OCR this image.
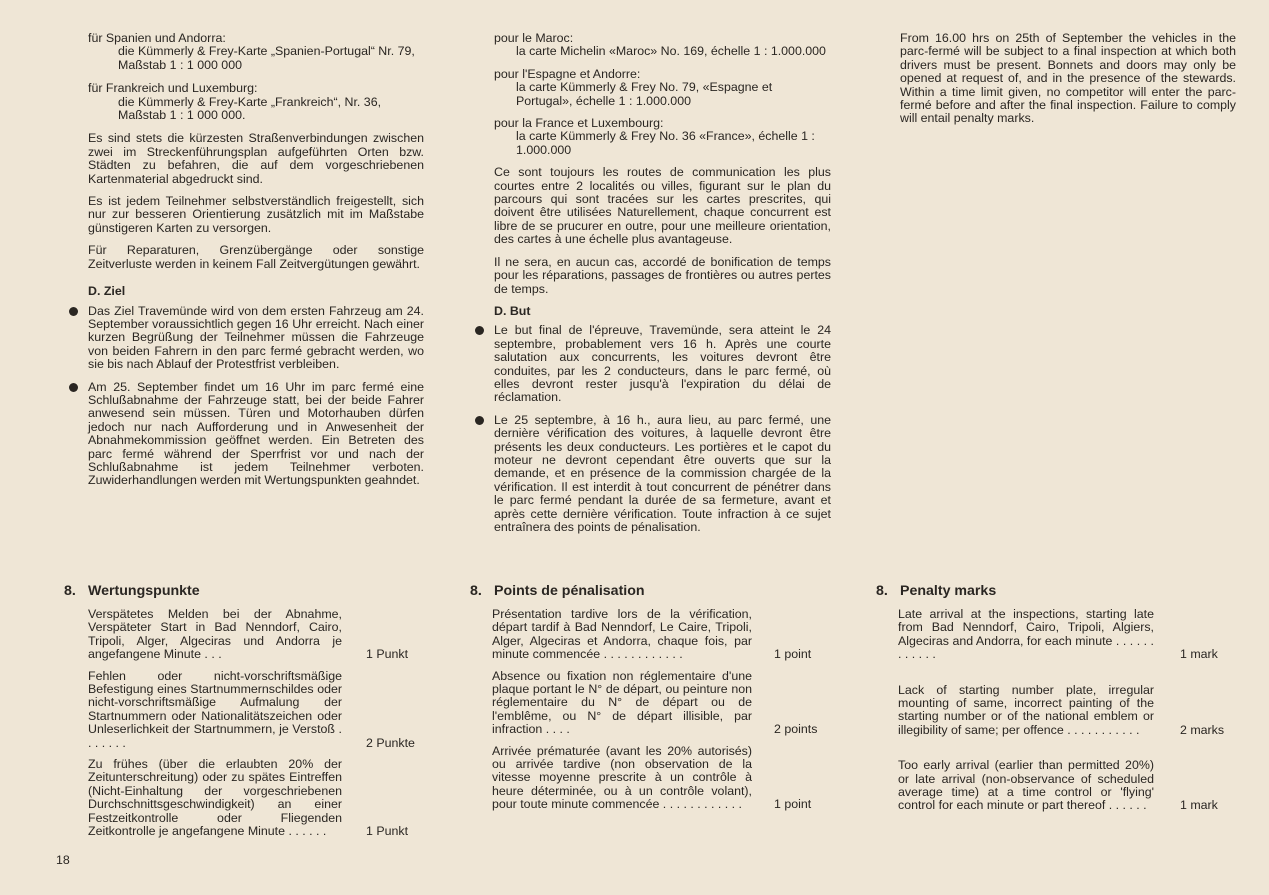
für Spanien und Andorra:

die Kümmerly & Frey-Karte „Spanien-Portugal“ Nr. 79, Maßstab 1 : 1 000 000

für Frankreich und Luxemburg:

die Kümmerly & Frey-Karte „Frankreich“, Nr. 36, Maßstab 1 : 1 000 000.

Es sind stets die kürzesten Straßenverbindungen zwischen zwei im Streckenführungsplan aufgeführten Orten bzw. Städten zu befahren, die auf dem vorgeschriebenen Kartenmaterial abgedruckt sind.

Es ist jedem Teilnehmer selbstverständlich freigestellt, sich nur zur besseren Orientierung zusätzlich mit im Maßstabe günstigeren Karten zu versorgen.

Für Reparaturen, Grenzübergänge oder sonstige Zeitverluste werden in keinem Fall Zeitvergütungen gewährt.

D. Ziel

Das Ziel Travemünde wird von dem ersten Fahrzeug am 24. September voraussichtlich gegen 16 Uhr erreicht. Nach einer kurzen Begrüßung der Teilnehmer müssen die Fahrzeuge von beiden Fahrern in den parc fermé gebracht werden, wo sie bis nach Ablauf der Protestfrist verbleiben.

Am 25. September findet um 16 Uhr im parc fermé eine Schlußabnahme der Fahrzeuge statt, bei der beide Fahrer anwesend sein müssen. Türen und Motorhauben dürfen jedoch nur nach Aufforderung und in Anwesenheit der Abnahmekommission geöffnet werden. Ein Betreten des parc fermé während der Sperrfrist vor und nach der Schlußabnahme ist jedem Teilnehmer verboten. Zuwiderhandlungen werden mit Wertungspunkten geahndet.

pour le Maroc:

la carte Michelin «Maroc» No. 169, échelle 1 : 1.000.000

pour l'Espagne et Andorre:

la carte Kümmerly & Frey No. 79, «Espagne et Portugal», échelle 1 : 1.000.000

pour la France et Luxembourg:

la carte Kümmerly & Frey No. 36 «France», échelle 1 : 1.000.000

Ce sont toujours les routes de communication les plus courtes entre 2 localités ou villes, figurant sur le plan du parcours qui sont tracées sur les cartes prescrites, qui doivent être utilisées Naturellement, chaque concurrent est libre de se prucurer en outre, pour une meilleure orientation, des cartes à une échelle plus avantageuse.

Il ne sera, en aucun cas, accordé de bonification de temps pour les réparations, passages de frontières ou autres pertes de temps.

D. But

Le but final de l'épreuve, Travemünde, sera atteint le 24 septembre, probablement vers 16 h. Après une courte salutation aux concurrents, les voitures devront être conduites, par les 2 conducteurs, dans le parc fermé, où elles devront rester jusqu'à l'expiration du délai de réclamation.

Le 25 septembre, à 16 h., aura lieu, au parc fermé, une dernière vérification des voitures, à laquelle devront être présents les deux conducteurs. Les portières et le capot du moteur ne devront cependant être ouverts que sur la demande, et en présence de la commission chargée de la vérification. Il est interdit à tout concurrent de pénétrer dans le parc fermé pendant la durée de sa fermeture, avant et après cette dernière vérification. Toute infraction à ce sujet entraînera des points de pénalisation.

From 16.00 hrs on 25th of September the vehicles in the parc-fermé will be subject to a final inspection at which both drivers must be present. Bonnets and doors may only be opened at request of, and in the presence of the stewards. Within a time limit given, no competitor will enter the parc-fermé before and after the final inspection. Failure to comply will entail penalty marks.

8. Wertungspunkte	8. Points de pénalisation	8. Penalty marks
Verspätetes Melden bei der Abnahme, Verspäteter Start in Bad Nenndorf, Cairo, Tripoli, Alger, Algeciras und Andorra je angefangene Minute . . .	1 Punkt
Fehlen oder nicht-vorschriftsmäßige Befestigung eines Startnummernschildes oder nicht-vorschriftsmäßige Aufmalung der Startnummern oder Nationalitätszeichen oder Unleserlichkeit der Startnummern, je Verstoß . . . . . . .	2 Punkte
Zu frühes (über die erlaubten 20% der Zeitunterschreitung) oder zu spätes Eintreffen (Nicht-Einhaltung der vorgeschriebenen Durchschnittsgeschwindigkeit) an einer Festzeitkontrolle oder Fliegenden Zeitkontrolle je angefangene Minute . . . . . .	1 Punkt
Présentation tardive lors de la vérification, départ tardif à Bad Nenndorf, Le Caire, Tripoli, Alger, Algeciras et Andorra, chaque fois, par minute commencée . . . . . . . . . . . .	1 point
Absence ou fixation non réglementaire d'une plaque portant le N° de départ, ou peinture non réglementaire du N° de départ ou de l'emblême, ou N° de départ illisible, par infraction . . . .	2 points
Arrivée prématurée (avant les 20% autorisés) ou arrivée tardive (non observation de la vitesse moyenne prescrite à un contrôle à heure déterminée, ou à un contrôle volant), pour toute minute commencée . . . . . . . . . . . .	1 point
Late arrival at the inspections, starting late from Bad Nenndorf, Cairo, Tripoli, Algiers, Algeciras and Andorra, for each minute . . . . . . . . . . . .	1 mark
Lack of starting number plate, irregular mounting of same, incorrect painting of the starting number or of the national emblem or illegibility of same; per offence . . . . . . . . . . .	2 marks
Too early arrival (earlier than permitted 20%) or late arrival (non-observance of scheduled average time) at a time control or 'flying' control for each minute or part thereof . . . . . .	1 mark
18
